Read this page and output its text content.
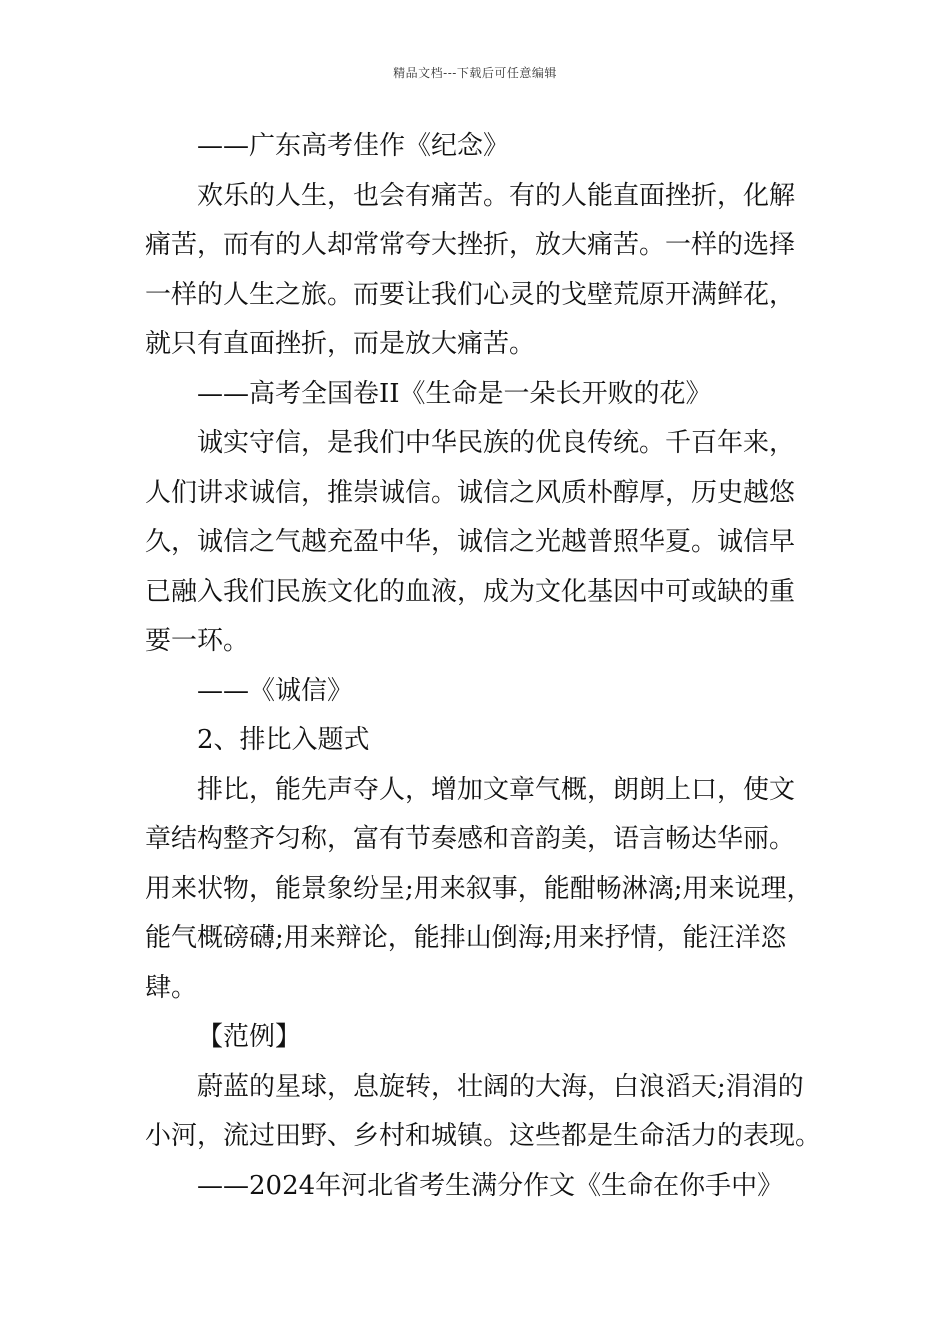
精品文档---下载后可任意编辑
——广东高考佳作《纪念》
欢乐的人生，也会有痛苦。有的人能直面挫折，化解
痛苦，而有的人却常常夸大挫折，放大痛苦。一样的选择
一样的人生之旅。而要让我们心灵的戈壁荒原开满鲜花，
就只有直面挫折，而是放大痛苦。
——高考全国卷II《生命是一朵长开败的花》
诚实守信，是我们中华民族的优良传统。千百年来，
人们讲求诚信，推崇诚信。诚信之风质朴醇厚，历史越悠
久，诚信之气越充盈中华，诚信之光越普照华夏。诚信早
已融入我们民族文化的血液，成为文化基因中可或缺的重
要一环。
——《诚信》
2、排比入题式
排比，能先声夺人，增加文章气概，朗朗上口，使文
章结构整齐匀称，富有节奏感和音韵美，语言畅达华丽。
用来状物，能景象纷呈;用来叙事，能酣畅淋漓;用来说理，
能气概磅礴;用来辩论，能排山倒海;用来抒情，能汪洋恣
肆。
【范例】
蔚蓝的星球，息旋转，壮阔的大海，白浪滔天;涓涓的
小河，流过田野、乡村和城镇。这些都是生命活力的表现。
——2024年河北省考生满分作文《生命在你手中》
